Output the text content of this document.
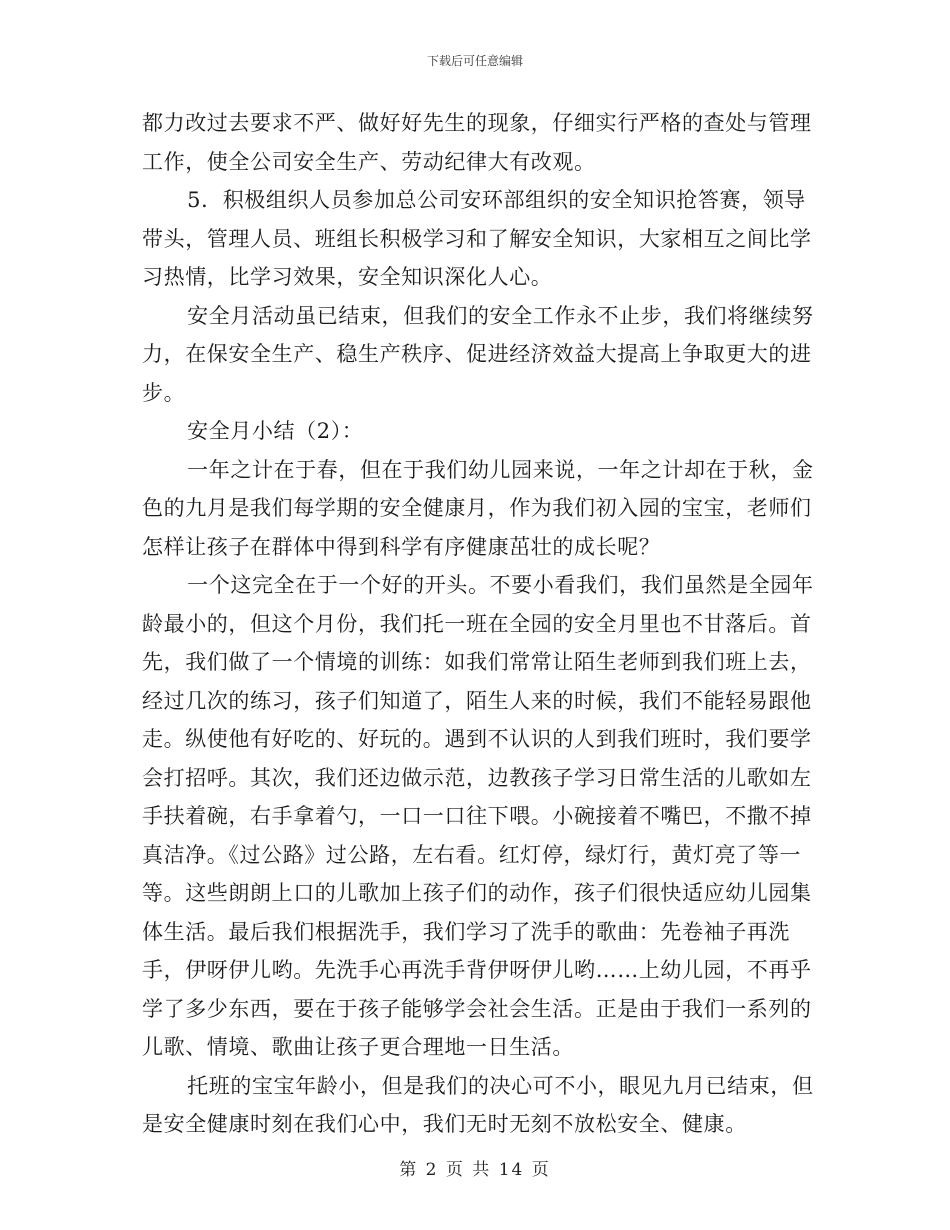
下载后可任意编辑

都力改过去要求不严、做好好先生的现象，仔细实行严格的查处与管理工作，使全公司安全生产、劳动纪律大有改观。

5．积极组织人员参加总公司安环部组织的安全知识抢答赛，领导带头，管理人员、班组长积极学习和了解安全知识，大家相互之间比学习热情，比学习效果，安全知识深化人心。

安全月活动虽已结束，但我们的安全工作永不止步，我们将继续努力，在保安全生产、稳生产秩序、促进经济效益大提高上争取更大的进步。

安全月小结（2）：

一年之计在于春，但在于我们幼儿园来说，一年之计却在于秋，金色的九月是我们每学期的安全健康月，作为我们初入园的宝宝，老师们怎样让孩子在群体中得到科学有序健康茁壮的成长呢？

一个这完全在于一个好的开头。不要小看我们，我们虽然是全园年龄最小的，但这个月份，我们托一班在全园的安全月里也不甘落后。首先，我们做了一个情境的训练：如我们常常让陌生老师到我们班上去，经过几次的练习，孩子们知道了，陌生人来的时候，我们不能轻易跟他走。纵使他有好吃的、好玩的。遇到不认识的人到我们班时，我们要学会打招呼。其次，我们还边做示范，边教孩子学习日常生活的儿歌如左手扶着碗，右手拿着勺，一口一口往下喂。小碗接着不嘴巴，不撒不掉真洁净。《过公路》过公路，左右看。红灯停，绿灯行，黄灯亮了等一等。这些朗朗上口的儿歌加上孩子们的动作，孩子们很快适应幼儿园集体生活。最后我们根据洗手，我们学习了洗手的歌曲：先卷袖子再洗手，伊呀伊儿哟。先洗手心再洗手背伊呀伊儿哟……上幼儿园，不再乎学了多少东西，要在于孩子能够学会社会生活。正是由于我们一系列的儿歌、情境、歌曲让孩子更合理地一日生活。

托班的宝宝年龄小，但是我们的决心可不小，眼见九月已结束，但是安全健康时刻在我们心中，我们无时无刻不放松安全、健康。

第 2 页 共 14 页
